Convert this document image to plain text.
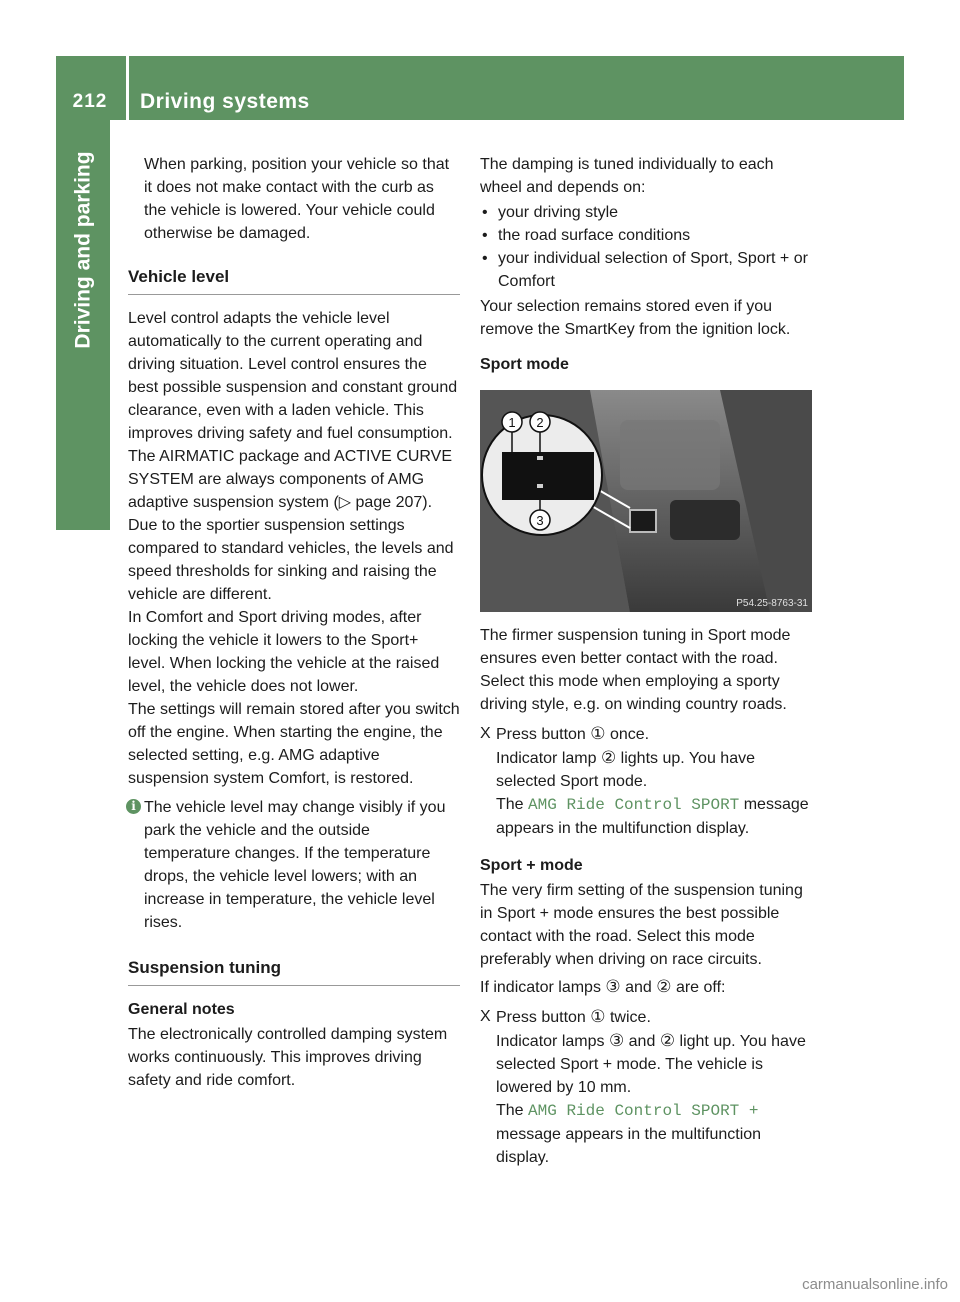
212	Driving systems
Driving and parking	When parking, position your vehicle so that it does not make contact with the curb as the vehicle is lowered. Your vehicle could otherwise be damaged.

Vehicle level

Level control adapts the vehicle level automatically to the current operating and driving situation. Level control ensures the best possible suspension and constant ground clearance, even with a laden vehicle. This improves driving safety and fuel consumption.

The AIRMATIC package and ACTIVE CURVE SYSTEM are always components of AMG adaptive suspension system (▷ page 207). Due to the sportier suspension settings compared to standard vehicles, the levels and speed thresholds for sinking and raising the vehicle are different.

In Comfort and Sport driving modes, after locking the vehicle it lowers to the Sport+ level. When locking the vehicle at the raised level, the vehicle does not lower.

The settings will remain stored after you switch off the engine. When starting the engine, the selected setting, e.g. AMG adaptive suspension system Comfort, is restored.

i The vehicle level may change visibly if you park the vehicle and the outside temperature changes. If the temperature drops, the vehicle level lowers; with an increase in temperature, the vehicle level rises.
Suspension tuning
General notes

The electronically controlled damping system works continuously. This improves driving safety and ride comfort.

The damping is tuned individually to each wheel and depends on:

• your driving style
• the road surface conditions
• your individual selection of Sport, Sport + or Comfort

Your selection remains stored even if you remove the SmartKey from the ignition lock.

Sport mode
1 2
3
P54.25-8763-31

The firmer suspension tuning in Sport mode ensures even better contact with the road. Select this mode when employing a sporty driving style, e.g. on winding country roads.

X Press button ① once.
Indicator lamp ② lights up. You have selected Sport mode.
The AMG Ride Control SPORT message appears in the multifunction display.
Sport + mode

The very firm setting of the suspension tuning in Sport + mode ensures the best possible contact with the road. Select this mode preferably when driving on race circuits.

If indicator lamps ③ and ② are off:

X Press button ① twice.
Indicator lamps ③ and ② light up. You have selected Sport + mode. The vehicle is lowered by 10 mm.
The AMG Ride Control SPORT + message appears in the multifunction display.
carmanualsonline.info
